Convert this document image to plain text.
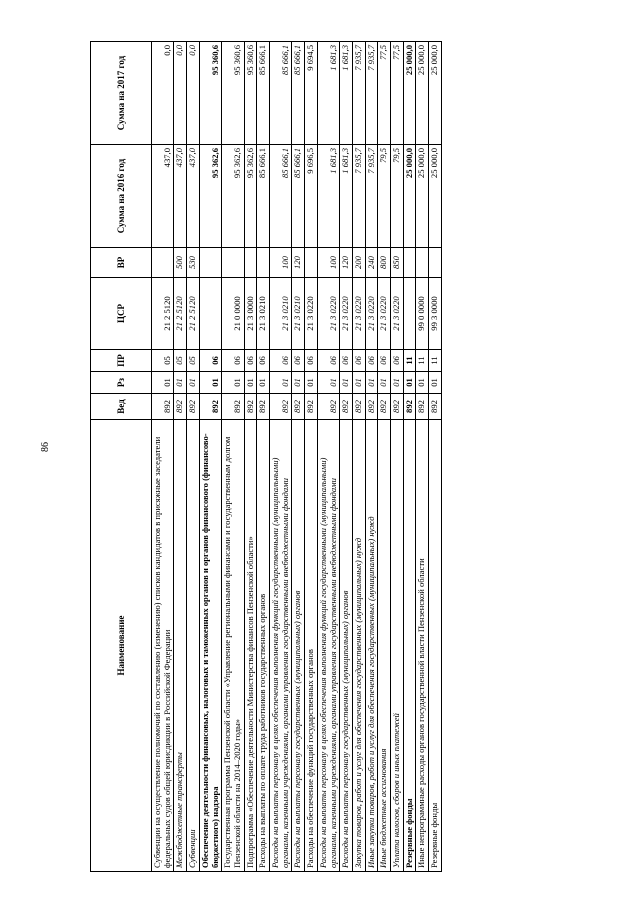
86
Наименование	Вед	Рз	ПР	ЦСР	ВР	Сумма на 2016 год	Сумма на 2017 год
Субвенции на осуществление полномочий по составлению (изменению) списков кандидатов в присяжные заседатели федеральных судов общей юрисдикции в Российской Федерации	892	01	05	21 2 5120		437,0	0,0
Межбюджетные трансферты	892	01	05	21 2 5120	500	437,0	0,0
Субвенции	892	01	05	21 2 5120	530	437,0	0,0
Обеспечение деятельности финансовых, налоговых и таможенных органов и органов финансового (финансово-бюджетного) надзора	892	01	06			95 362,6	95 360,6
Государственная программа Пензенской области «Управление региональными финансами и государственным долгом Пензенской области на 2014–2020 годы»	892	01	06	21 0 0000		95 362,6	95 360,6
Подпрограмма «Обеспечение деятельности Министерства финансов Пензенской области»	892	01	06	21 3 0000		95 362,6	95 360,6
Расходы на выплаты по оплате труда работников государственных органов	892	01	06	21 3 0210		85 666,1	85 666,1
Расходы на выплаты персоналу в целях обеспечения выполнения функций государственными (муниципальными) органами, казенными учреждениями, органами управления государственными внебюджетными фондами	892	01	06	21 3 0210	100	85 666,1	85 666,1
Расходы на выплаты персоналу государственных (муниципальных) органов	892	01	06	21 3 0210	120	85 666,1	85 666,1
Расходы на обеспечение функций государственных органов	892	01	06	21 3 0220		9 696,5	9 694,5
Расходы на выплаты персоналу в целях обеспечения выполнения функций государственными (муниципальными) органами, казенными учреждениями, органами управления государственными внебюджетными фондами	892	01	06	21 3 0220	100	1 681,3	1 681,3
Расходы на выплаты персоналу государственных (муниципальных) органов	892	01	06	21 3 0220	120	1 681,3	1 681,3
Закупка товаров, работ и услуг для обеспечения государственных (муниципальных) нужд	892	01	06	21 3 0220	200	7 935,7	7 935,7
Иные закупки товаров, работ и услуг для обеспечения государственных (муниципальных) нужд	892	01	06	21 3 0220	240	7 935,7	7 935,7
Иные бюджетные ассигнования	892	01	06	21 3 0220	800	79,5	77,5
Уплата налогов, сборов и иных платежей	892	01	06	21 3 0220	850	79,5	77,5
Резервные фонды	892	01	11			25 000,0	25 000,0
Иные непрограммные расходы органов государственной власти Пензенской области	892	01	11	99 0 0000		25 000,0	25 000,0
Резервные фонды	892	01	11	99 3 0000		25 000,0	25 000,0
